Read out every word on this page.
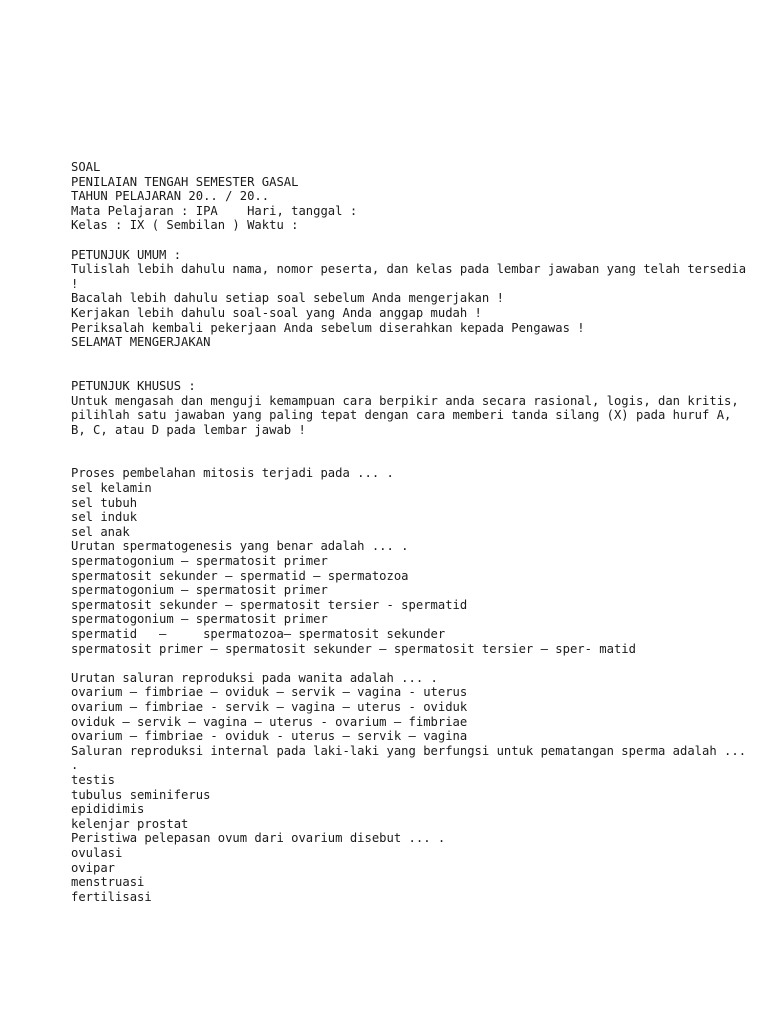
SOAL
PENILAIAN TENGAH SEMESTER GASAL
TAHUN PELAJARAN 20.. / 20..
Mata Pelajaran : IPA    Hari, tanggal :
Kelas : IX ( Sembilan ) Waktu :
PETUNJUK UMUM :
Tulislah lebih dahulu nama, nomor peserta, dan kelas pada lembar jawaban yang telah tersedia !
Bacalah lebih dahulu setiap soal sebelum Anda mengerjakan !
Kerjakan lebih dahulu soal-soal yang Anda anggap mudah !
Periksalah kembali pekerjaan Anda sebelum diserahkan kepada Pengawas !
SELAMAT MENGERJAKAN
PETUNJUK KHUSUS :
Untuk mengasah dan menguji kemampuan cara berpikir anda secara rasional, logis, dan kritis, pilihlah satu jawaban yang paling tepat dengan cara memberi tanda silang (X) pada huruf A, B, C, atau D pada lembar jawab !
Proses pembelahan mitosis terjadi pada ... .
sel kelamin
sel tubuh
sel induk
sel anak
Urutan spermatogenesis yang benar adalah ... .
spermatogonium – spermatosit primer
spermatosit sekunder – spermatid – spermatozoa
spermatogonium – spermatosit primer
spermatosit sekunder – spermatosit tersier - spermatid
spermatogonium – spermatosit primer
spermatid   –     spermatozoa– spermatosit sekunder
spermatosit primer – spermatosit sekunder – spermatosit tersier – sper- matid
Urutan saluran reproduksi pada wanita adalah ... .
ovarium – fimbriae – oviduk – servik – vagina - uterus
ovarium – fimbriae - servik – vagina – uterus - oviduk
oviduk – servik – vagina – uterus - ovarium – fimbriae
ovarium – fimbriae - oviduk - uterus – servik – vagina
Saluran reproduksi internal pada laki-laki yang berfungsi untuk pematangan sperma adalah ... .
testis
tubulus seminiferus
epididimis
kelenjar prostat
Peristiwa pelepasan ovum dari ovarium disebut ... .
ovulasi
ovipar
menstruasi
fertilisasi
